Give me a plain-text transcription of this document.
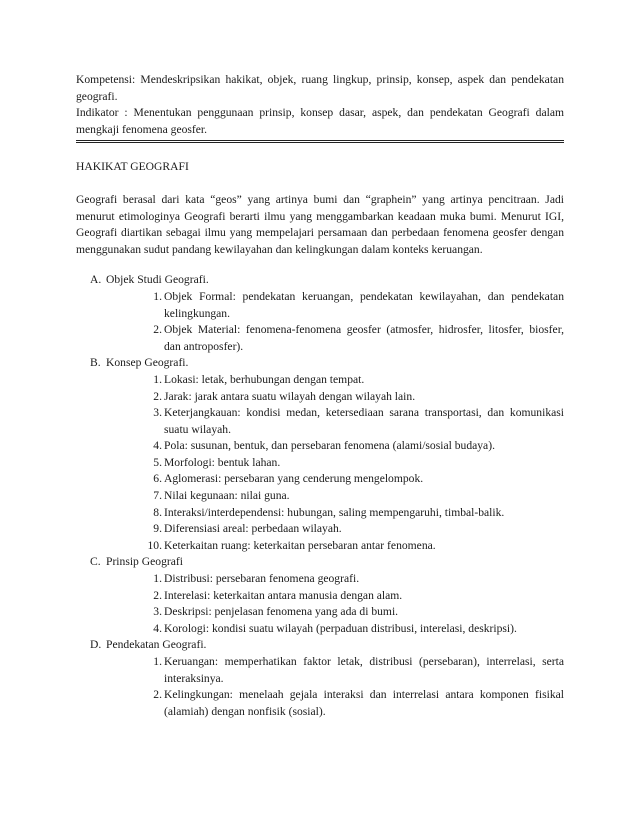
Kompetensi: Mendeskripsikan hakikat, objek, ruang lingkup, prinsip, konsep, aspek dan pendekatan geografi.
Indikator : Menentukan penggunaan prinsip, konsep dasar, aspek, dan pendekatan Geografi dalam mengkaji fenomena geosfer.
HAKIKAT GEOGRAFI
Geografi berasal dari kata “geos” yang artinya bumi dan “graphein” yang artinya pencitraan. Jadi menurut etimologinya Geografi berarti ilmu yang menggambarkan keadaan muka bumi. Menurut IGI, Geografi diartikan sebagai ilmu yang mempelajari persamaan dan perbedaan fenomena geosfer dengan menggunakan sudut pandang kewilayahan dan kelingkungan dalam konteks keruangan.
A. Objek Studi Geografi.
1. Objek Formal: pendekatan keruangan, pendekatan kewilayahan, dan pendekatan kelingkungan.
2. Objek Material: fenomena-fenomena geosfer (atmosfer, hidrosfer, litosfer, biosfer, dan antroposfer).
B. Konsep Geografi.
1. Lokasi: letak, berhubungan dengan tempat.
2. Jarak: jarak antara suatu wilayah dengan wilayah lain.
3. Keterjangkauan: kondisi medan, ketersediaan sarana transportasi, dan komunikasi suatu wilayah.
4. Pola: susunan, bentuk, dan persebaran fenomena (alami/sosial budaya).
5. Morfologi: bentuk lahan.
6. Aglomerasi: persebaran yang cenderung mengelompok.
7. Nilai kegunaan: nilai guna.
8. Interaksi/interdependensi: hubungan, saling mempengaruhi, timbal-balik.
9. Diferensiasi areal: perbedaan wilayah.
10. Keterkaitan ruang: keterkaitan persebaran antar fenomena.
C. Prinsip Geografi
1. Distribusi: persebaran fenomena geografi.
2. Interelasi: keterkaitan antara manusia dengan alam.
3. Deskripsi: penjelasan fenomena yang ada di bumi.
4. Korologi: kondisi suatu wilayah (perpaduan distribusi, interelasi, deskripsi).
D. Pendekatan Geografi.
1. Keruangan: memperhatikan faktor letak, distribusi (persebaran), interrelasi, serta interaksinya.
2. Kelingkungan: menelaah gejala interaksi dan interrelasi antara komponen fisikal (alamiah) dengan nonfisik (sosial).
